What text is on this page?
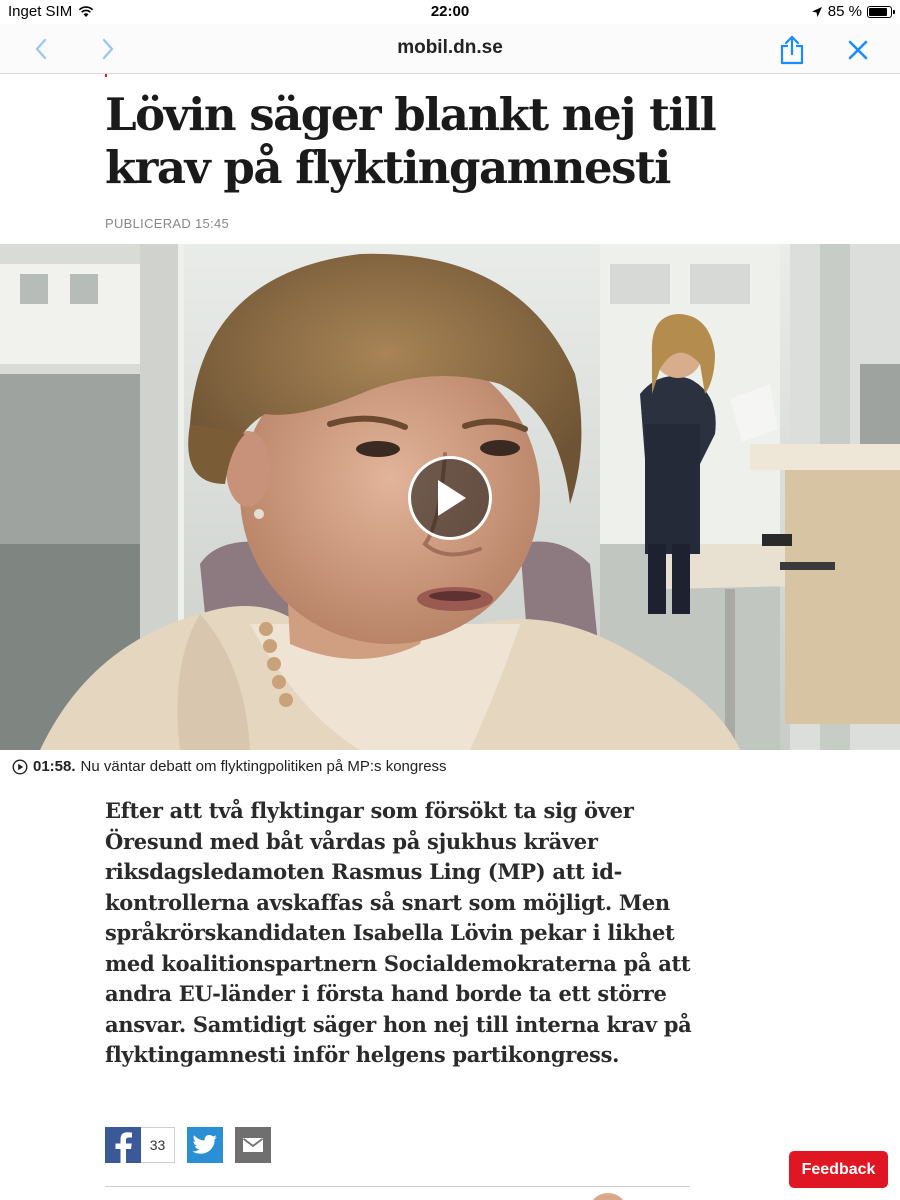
Inget SIM	22:00	85 %
mobil.dn.se
Lövin säger blankt nej till krav på flyktingamnesti
PUBLICERAD 15:45
01:58. Nu väntar debatt om flyktingpolitiken på MP:s kongress

Efter att två flyktingar som försökt ta sig över Öresund med båt vårdas på sjukhus kräver riksdagsledamoten Rasmus Ling (MP) att id-kontrollerna avskaffas så snart som möjligt. Men språkrörskandidaten Isabella Lövin pekar i likhet med koalitionspartnern Socialdemokraterna på att andra EU-länder i första hand borde ta ett större ansvar. Samtidigt säger hon nej till interna krav på flyktingamnesti inför helgens partikongress.

33
Feedback
